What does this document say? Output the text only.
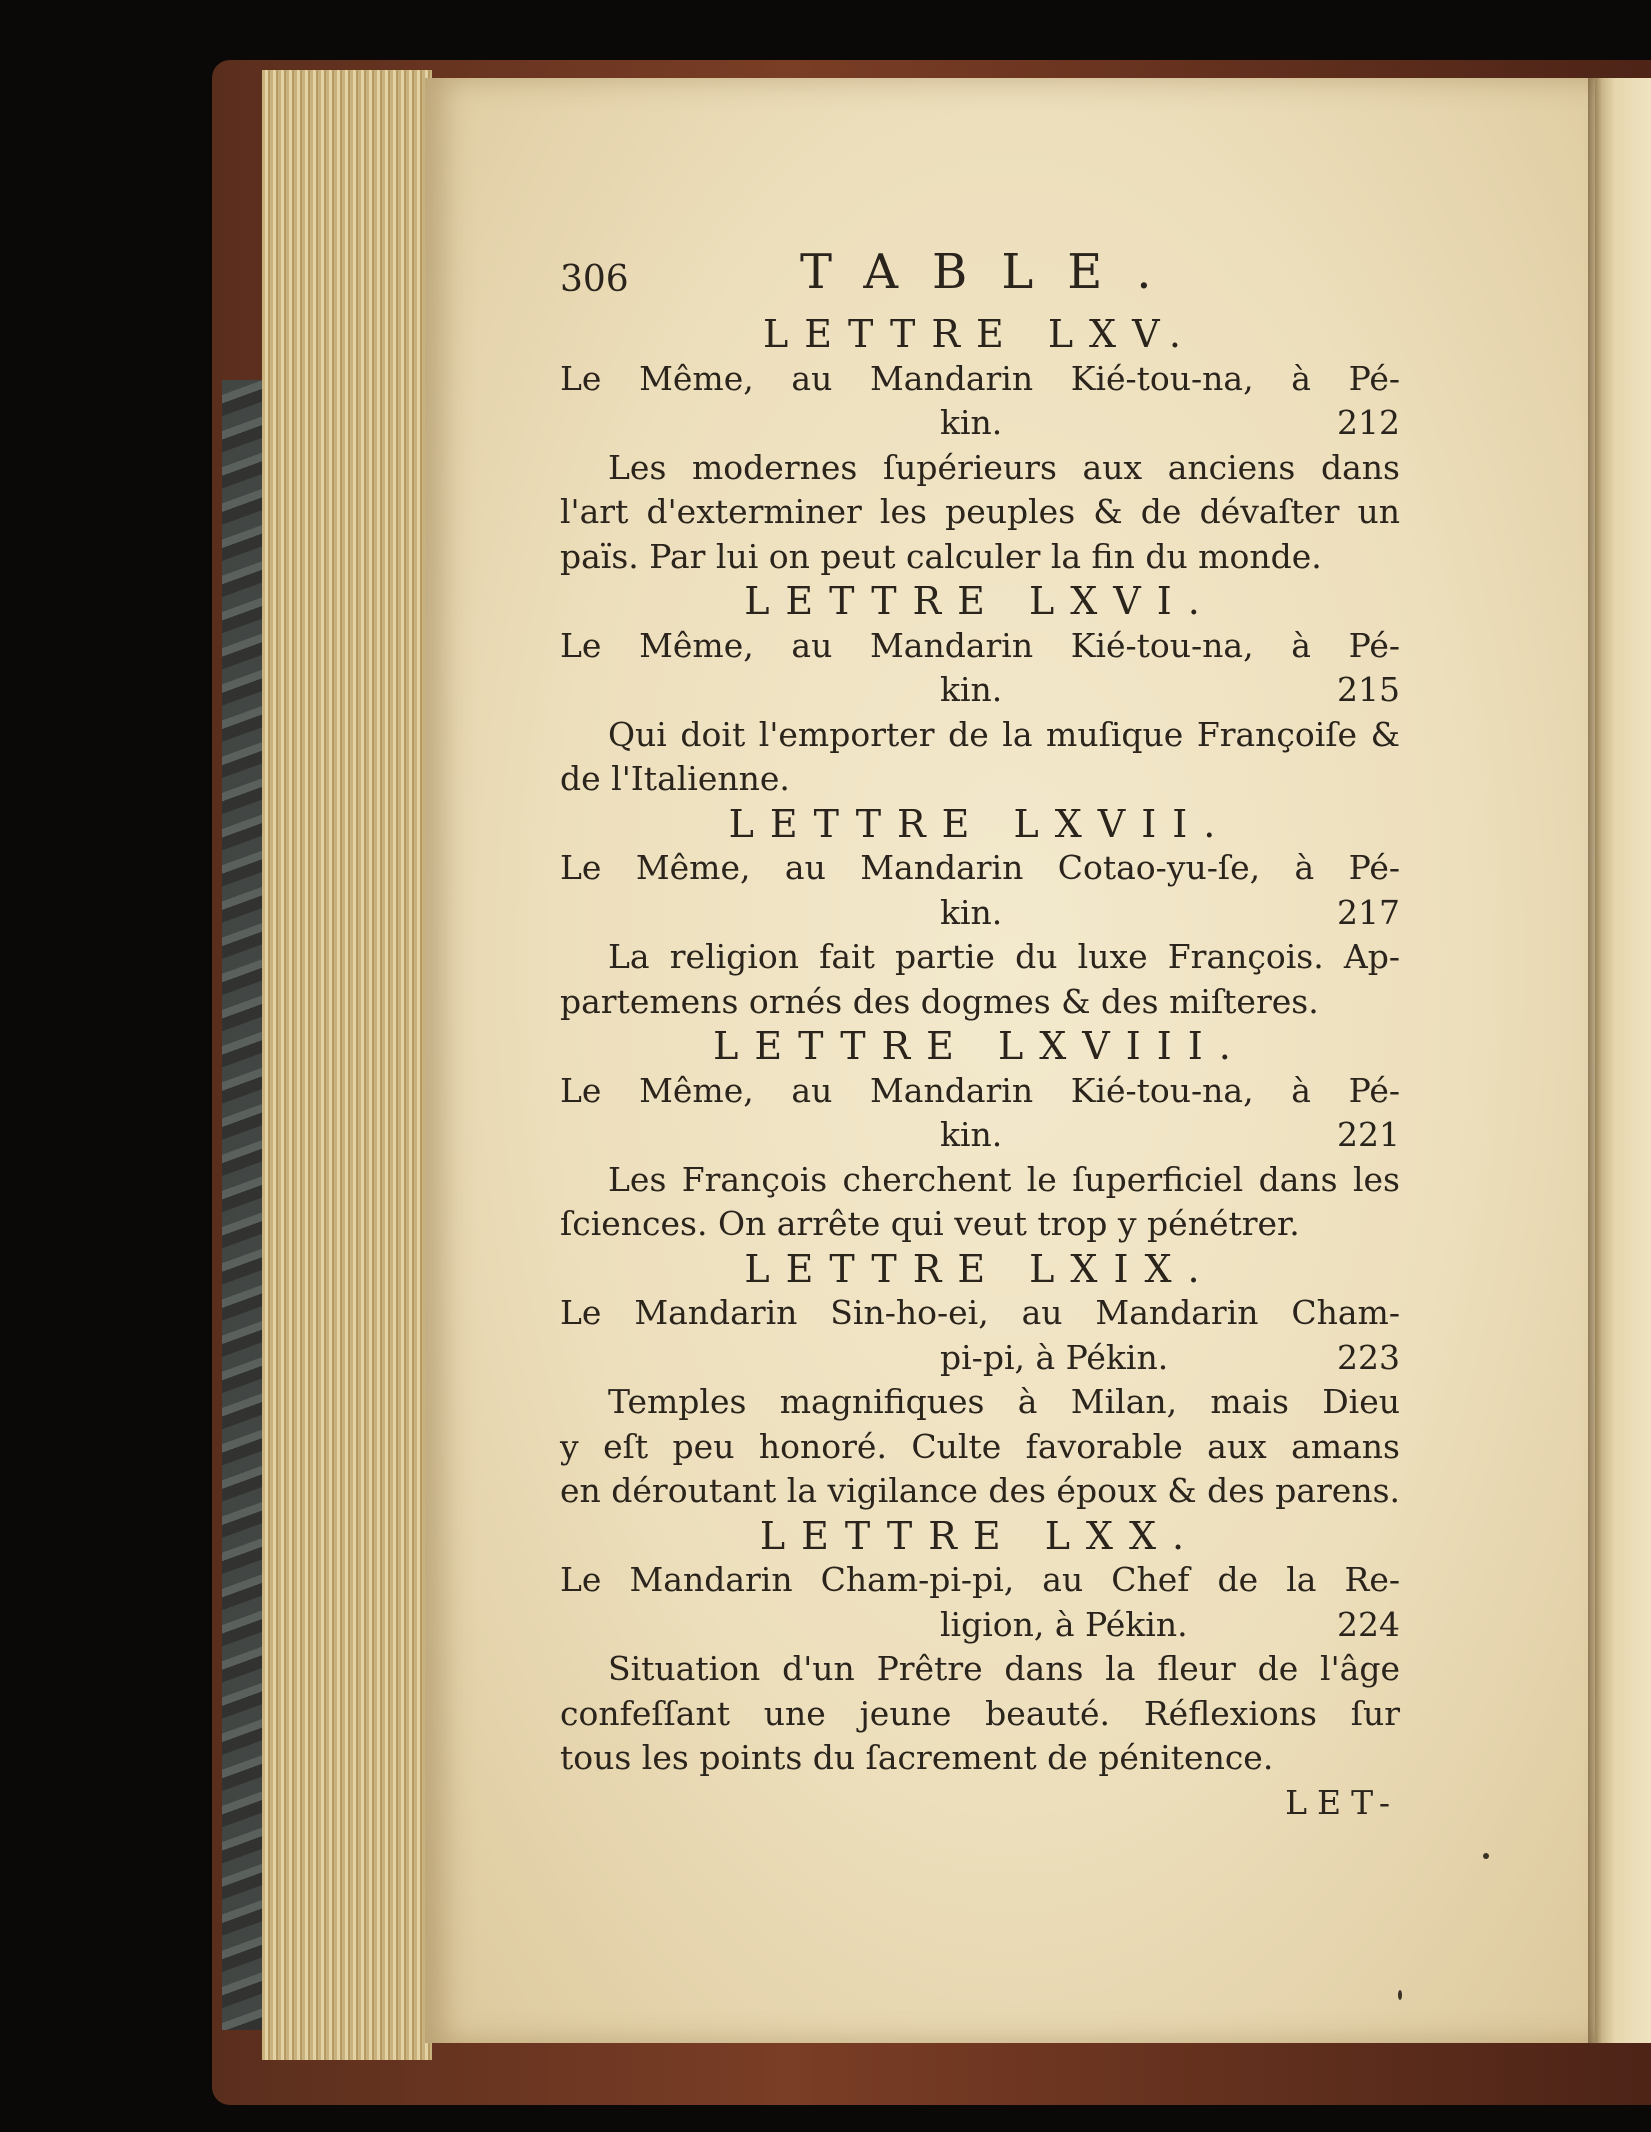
306	TABLE.
LETTRE LXV.
Le Même, au Mandarin Kié-tou-na, à Pé-
kin.	212
Les modernes ſupérieurs aux anciens dans
l'art d'exterminer les peuples & de dévaſter un
païs. Par lui on peut calculer la fin du monde.
LETTRE LXVI.
Le Même, au Mandarin Kié-tou-na, à Pé-
kin.	215
Qui doit l'emporter de la muſique Françoiſe &
de l'Italienne.
LETTRE LXVII.
Le Même, au Mandarin Cotao-yu-ſe, à Pé-
kin.	217
La religion fait partie du luxe François. Ap-
partemens ornés des dogmes & des miſteres.
LETTRE LXVIII.
Le Même, au Mandarin Kié-tou-na, à Pé-
kin.	221
Les François cherchent le ſuperficiel dans les
ſciences. On arrête qui veut trop y pénétrer.
LETTRE LXIX.
Le Mandarin Sin-ho-ei, au Mandarin Cham-
pi-pi, à Pékin.	223
Temples magnifiques à Milan, mais Dieu
y eſt peu honoré. Culte favorable aux amans
en déroutant la vigilance des époux & des parens.
LETTRE LXX.
Le Mandarin Cham-pi-pi, au Chef de la Re-
ligion, à Pékin.	224
Situation d'un Prêtre dans la fleur de l'âge
confeſſant une jeune beauté. Réflexions ſur
tous les points du ſacrement de pénitence.
LET-
